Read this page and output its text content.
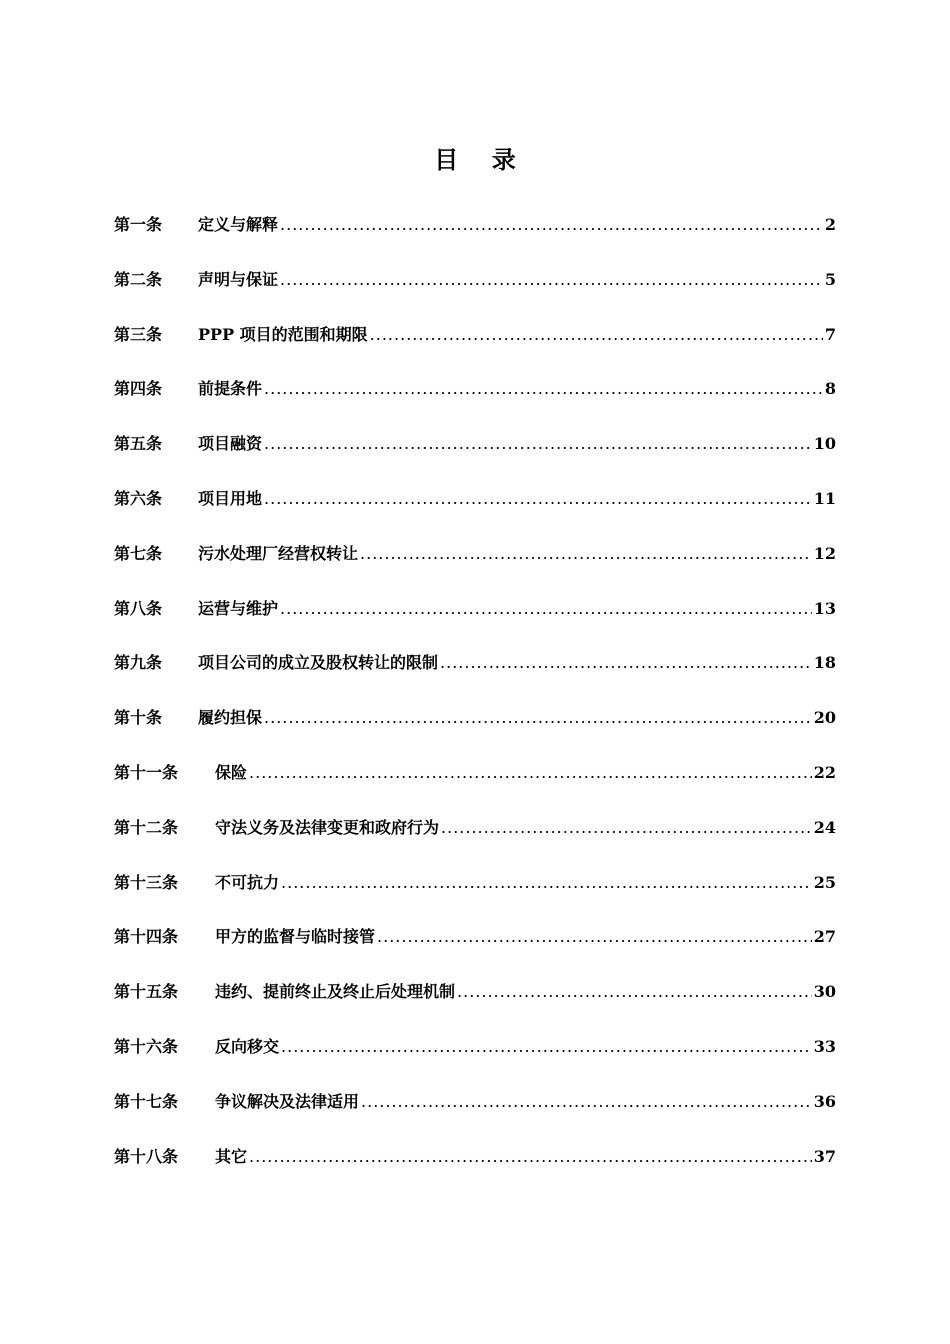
目    录
第一条	定义与解释 .....	2
第二条	声明与保证 .....	5
第三条	PPP 项目的范围和期限 .....	7
第四条	前提条件 .....	8
第五条	项目融资 .....	10
第六条	项目用地 .....	11
第七条	污水处理厂经营权转让 .....	12
第八条	运营与维护 .....	13
第九条	项目公司的成立及股权转让的限制 .....	18
第十条	履约担保 .....	20
第十一条	保险 .....	22
第十二条	守法义务及法律变更和政府行为 .....	24
第十三条	不可抗力 .....	25
第十四条	甲方的监督与临时接管 .....	27
第十五条	违约、提前终止及终止后处理机制 .....	30
第十六条	反向移交 .....	33
第十七条	争议解决及法律适用 .....	36
第十八条	其它 .....	37
